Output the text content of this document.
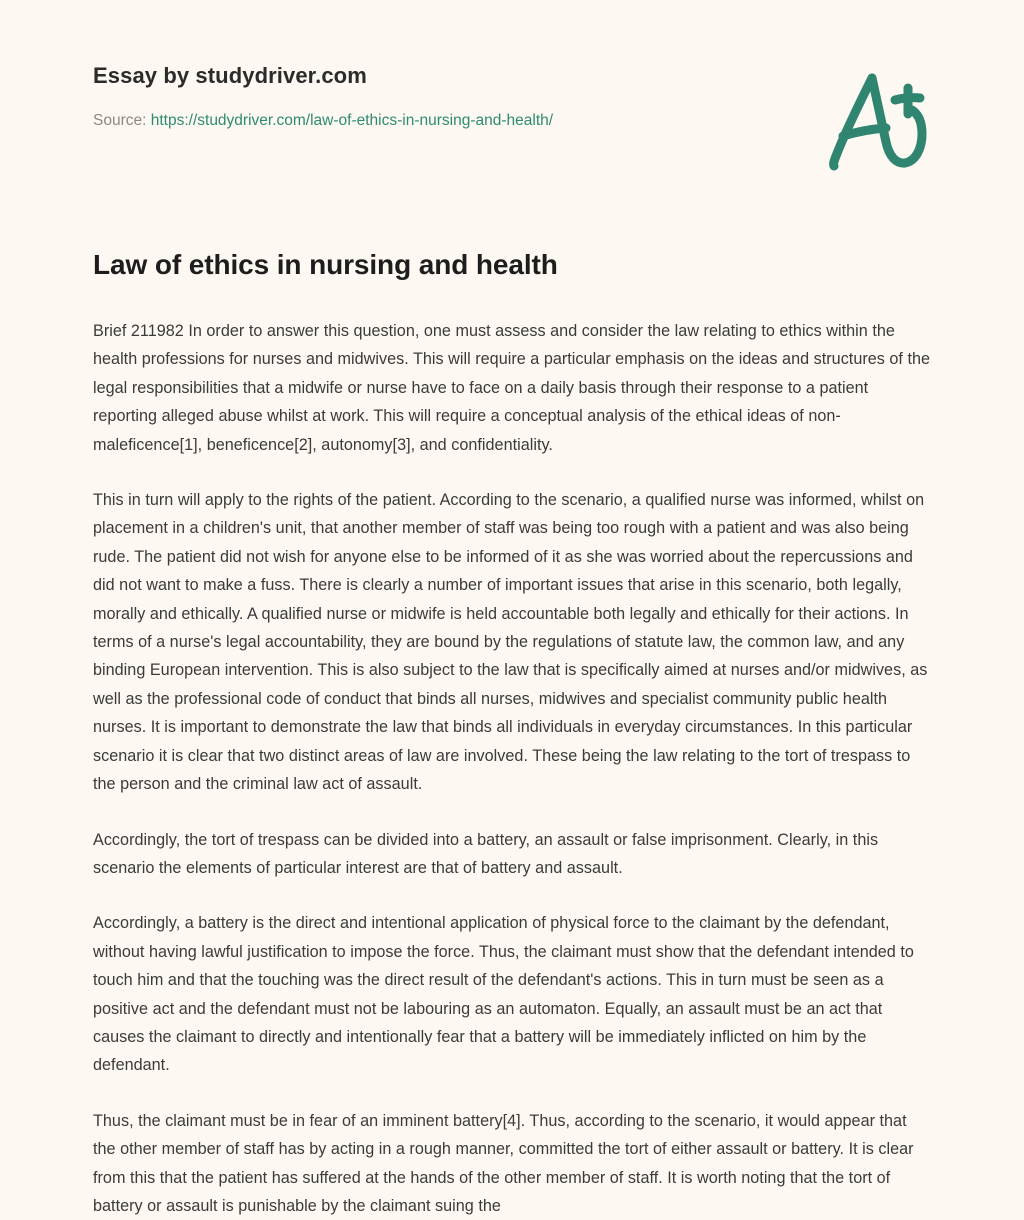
Essay by studydriver.com
Source: https://studydriver.com/law-of-ethics-in-nursing-and-health/
Law of ethics in nursing and health

Brief 211982 In order to answer this question, one must assess and consider the law relating to ethics within the health professions for nurses and midwives. This will require a particular emphasis on the ideas and structures of the legal responsibilities that a midwife or nurse have to face on a daily basis through their response to a patient reporting alleged abuse whilst at work. This will require a conceptual analysis of the ethical ideas of non-maleficence[1], beneficence[2], autonomy[3], and confidentiality.

This in turn will apply to the rights of the patient. According to the scenario, a qualified nurse was informed, whilst on placement in a children's unit, that another member of staff was being too rough with a patient and was also being rude. The patient did not wish for anyone else to be informed of it as she was worried about the repercussions and did not want to make a fuss. There is clearly a number of important issues that arise in this scenario, both legally, morally and ethically. A qualified nurse or midwife is held accountable both legally and ethically for their actions. In terms of a nurse's legal accountability, they are bound by the regulations of statute law, the common law, and any binding European intervention. This is also subject to the law that is specifically aimed at nurses and/or midwives, as well as the professional code of conduct that binds all nurses, midwives and specialist community public health nurses. It is important to demonstrate the law that binds all individuals in everyday circumstances. In this particular scenario it is clear that two distinct areas of law are involved. These being the law relating to the tort of trespass to the person and the criminal law act of assault.

Accordingly, the tort of trespass can be divided into a battery, an assault or false imprisonment. Clearly, in this scenario the elements of particular interest are that of battery and assault.

Accordingly, a battery is the direct and intentional application of physical force to the claimant by the defendant, without having lawful justification to impose the force. Thus, the claimant must show that the defendant intended to touch him and that the touching was the direct result of the defendant's actions. This in turn must be seen as a positive act and the defendant must not be labouring as an automaton. Equally, an assault must be an act that causes the claimant to directly and intentionally fear that a battery will be immediately inflicted on him by the defendant.

Thus, the claimant must be in fear of an imminent battery[4]. Thus, according to the scenario, it would appear that the other member of staff has by acting in a rough manner, committed the tort of either assault or battery. It is clear from this that the patient has suffered at the hands of the other member of staff. It is worth noting that the tort of battery or assault is punishable by the claimant suing the
